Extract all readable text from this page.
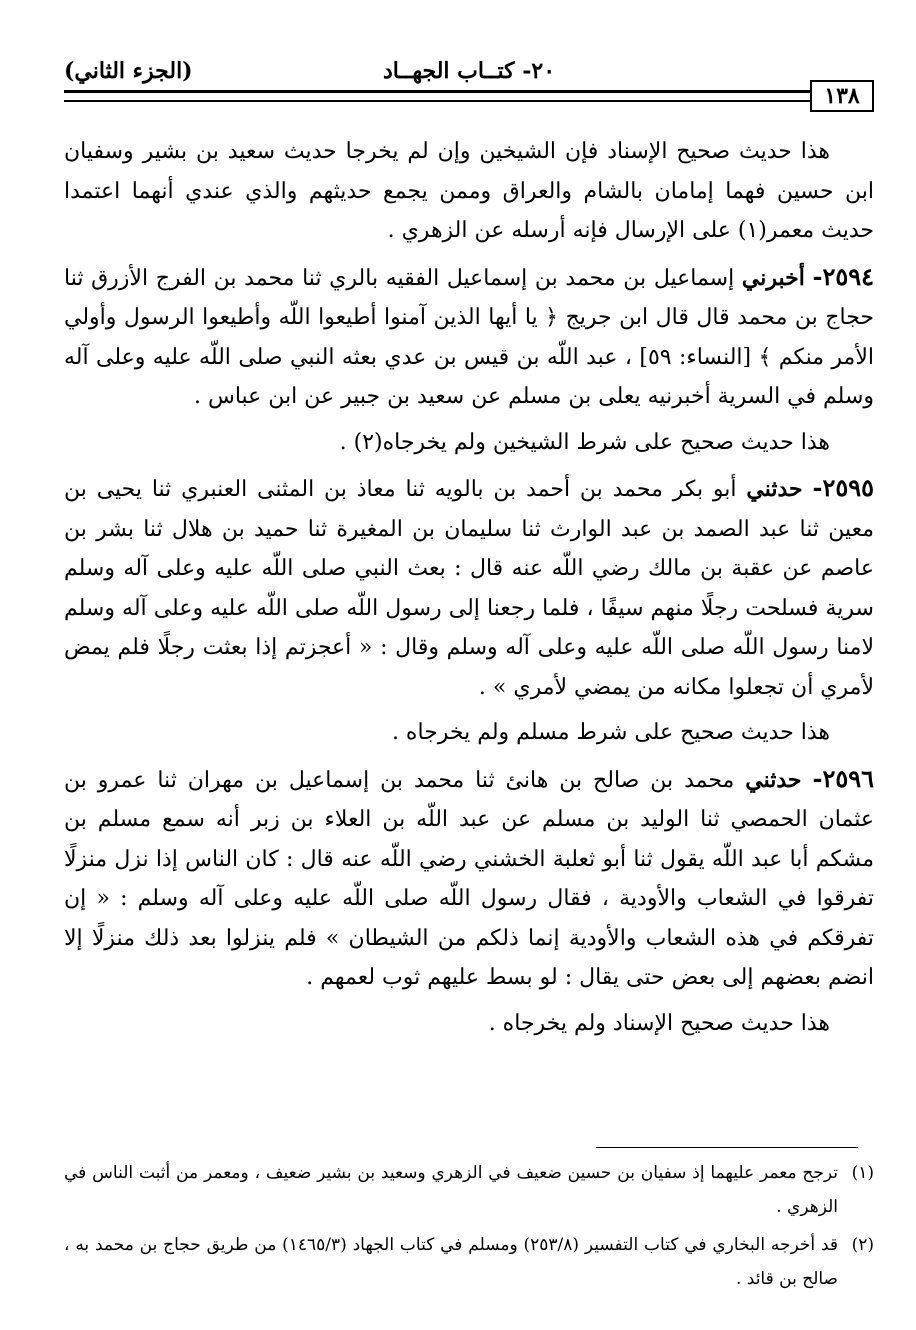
١٣٨
٢٠- كتــاب الجهــاد
(الجزء الثاني)

هذا حديث صحيح الإسناد فإن الشيخين وإن لم يخرجا حديث سعيد بن بشير وسفيان ابن حسين فهما إمامان بالشام والعراق وممن يجمع حديثهم والذي عندي أنهما اعتمدا حديث معمر(١) على الإرسال فإنه أرسله عن الزهري .

٢٥٩٤- أخبرني إسماعيل بن محمد بن إسماعيل الفقيه بالري ثنا محمد بن الفرج الأزرق ثنا حجاج بن محمد قال قال ابن جريج ﴿ يا أيها الذين آمنوا أطيعوا اللّه وأطيعوا الرسول وأولي الأمر منكم ﴾ [النساء: ٥٩] ، عبد اللّه بن قيس بن عدي بعثه النبي صلى اللّه عليه وعلى آله وسلم في السرية أخبرنيه يعلى بن مسلم عن سعيد بن جبير عن ابن عباس .

هذا حديث صحيح على شرط الشيخين ولم يخرجاه(٢) .

٢٥٩٥- حدثني أبو بكر محمد بن أحمد بن بالويه ثنا معاذ بن المثنى العنبري ثنا يحيى بن معين ثنا عبد الصمد بن عبد الوارث ثنا سليمان بن المغيرة ثنا حميد بن هلال ثنا بشر بن عاصم عن عقبة بن مالك رضي اللّه عنه قال : بعث النبي صلى اللّه عليه وعلى آله وسلم سرية فسلحت رجلًا منهم سيفًا ، فلما رجعنا إلى رسول اللّه صلى اللّه عليه وعلى آله وسلم لامنا رسول اللّه صلى اللّه عليه وعلى آله وسلم وقال : « أعجزتم إذا بعثت رجلًا فلم يمض لأمري أن تجعلوا مكانه من يمضي لأمري » .

هذا حديث صحيح على شرط مسلم ولم يخرجاه .

٢٥٩٦- حدثني محمد بن صالح بن هانئ ثنا محمد بن إسماعيل بن مهران ثنا عمرو بن عثمان الحمصي ثنا الوليد بن مسلم عن عبد اللّه بن العلاء بن زبر أنه سمع مسلم بن مشكم أبا عبد اللّه يقول ثنا أبو ثعلبة الخشني رضي اللّه عنه قال : كان الناس إذا نزل منزلًا تفرقوا في الشعاب والأودية ، فقال رسول اللّه صلى اللّه عليه وعلى آله وسلم : « إن تفرقكم في هذه الشعاب والأودية إنما ذلكم من الشيطان » فلم ينزلوا بعد ذلك منزلًا إلا انضم بعضهم إلى بعض حتى يقال : لو بسط عليهم ثوب لعمهم .

هذا حديث صحيح الإسناد ولم يخرجاه .

(١)
ترجح معمر عليهما إذ سفيان بن حسين ضعيف في الزهري وسعيد بن بشير ضعيف ، ومعمر من أثبت الناس في الزهري .

(٢)
قد أخرجه البخاري في كتاب التفسير (٢٥٣/٨) ومسلم في كتاب الجهاد (١٤٦٥/٣) من طريق حجاج بن محمد به ، صالح بن قائد .
